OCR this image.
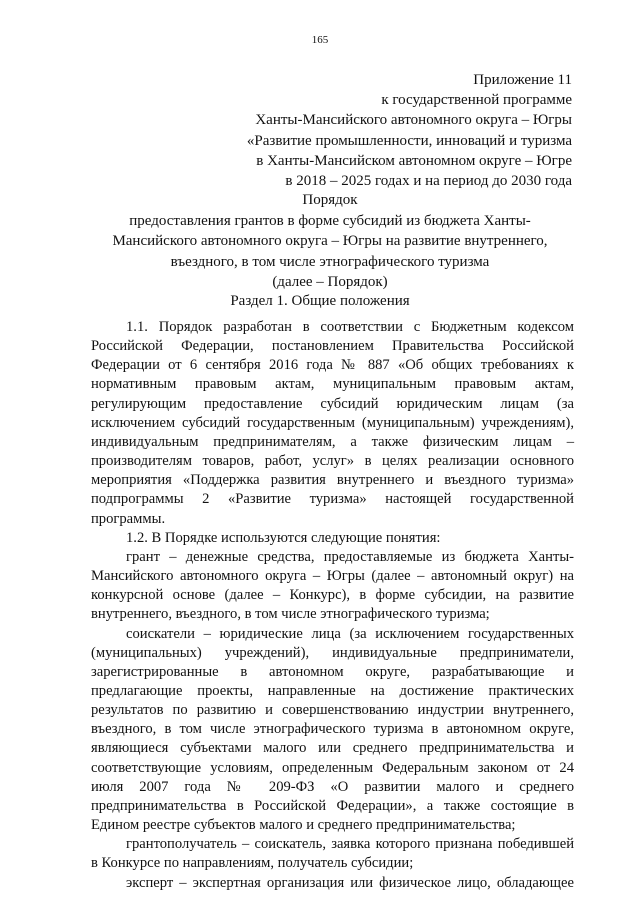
165
Приложение 11
к государственной программе
Ханты-Мансийского автономного округа – Югры
«Развитие промышленности, инноваций и туризма
в Ханты-Мансийском автономном округе – Югре
в 2018 – 2025 годах и на период до 2030 года
Порядок
предоставления грантов в форме субсидий из бюджета Ханты-
Мансийского автономного округа – Югры на развитие внутреннего,
въездного, в том числе этнографического туризма
(далее – Порядок)
Раздел 1. Общие положения

1.1. Порядок разработан в соответствии с Бюджетным кодексом Российской Федерации, постановлением Правительства Российской Федерации от 6 сентября 2016 года № 887 «Об общих требованиях к нормативным правовым актам, муниципальным правовым актам, регулирующим предоставление субсидий юридическим лицам (за исключением субсидий государственным (муниципальным) учреждениям), индивидуальным предпринимателям, а также физическим лицам – производителям товаров, работ, услуг» в целях реализации основного мероприятия «Поддержка развития внутреннего и въездного туризма» подпрограммы 2 «Развитие туризма» настоящей государственной программы.

1.2. В Порядке используются следующие понятия:

грант – денежные средства, предоставляемые из бюджета Ханты-Мансийского автономного округа – Югры (далее – автономный округ) на конкурсной основе (далее – Конкурс), в форме субсидии, на развитие внутреннего, въездного, в том числе этнографического туризма;

соискатели – юридические лица (за исключением государственных (муниципальных) учреждений), индивидуальные предприниматели, зарегистрированные в автономном округе, разрабатывающие и предлагающие проекты, направленные на достижение практических результатов по развитию и совершенствованию индустрии внутреннего, въездного, в том числе этнографического туризма в автономном округе, являющиеся субъектами малого или среднего предпринимательства и соответствующие условиям, определенным Федеральным законом от 24 июля 2007 года № 209-ФЗ «О развитии малого и среднего предпринимательства в Российской Федерации», а также состоящие в Едином реестре субъектов малого и среднего предпринимательства;

грантополучатель – соискатель, заявка которого признана победившей в Конкурсе по направлениям, получатель субсидии;

эксперт – экспертная организация или физическое лицо, обладающее
